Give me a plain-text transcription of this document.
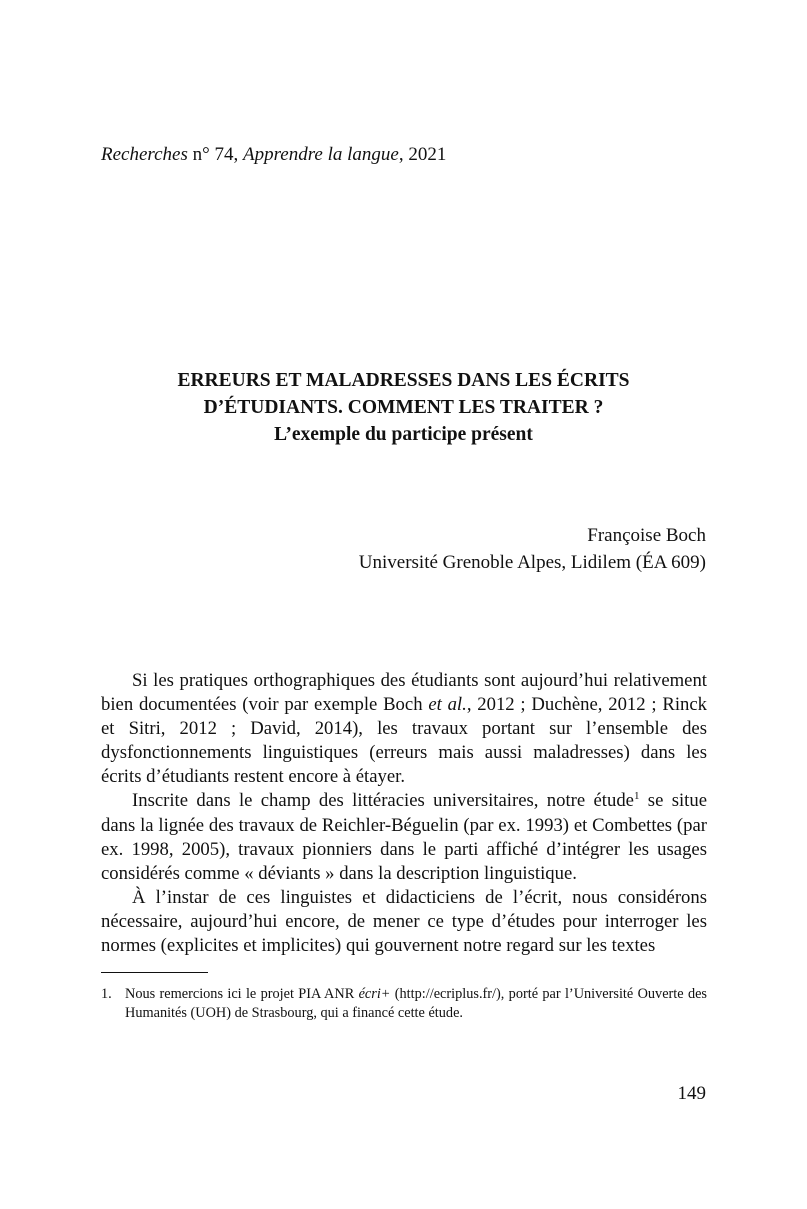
Recherches n° 74, Apprendre la langue, 2021
ERREURS ET MALADRESSES DANS LES ÉCRITS
D’ÉTUDIANTS. COMMENT LES TRAITER ?
L’exemple du participe présent
Françoise Boch
Université Grenoble Alpes, Lidilem (ÉA 609)

Si les pratiques orthographiques des étudiants sont aujourd’hui relativement bien documentées (voir par exemple Boch et al., 2012 ; Duchène, 2012 ; Rinck et Sitri, 2012 ; David, 2014), les travaux portant sur l’ensemble des dysfonctionnements linguistiques (erreurs mais aussi maladresses) dans les écrits d’étudiants restent encore à étayer.

Inscrite dans le champ des littéracies universitaires, notre étude$^1$ se situe dans la lignée des travaux de Reichler-Béguelin (par ex. 1993) et Combettes (par ex. 1998, 2005), travaux pionniers dans le parti affiché d’intégrer les usages considérés comme « déviants » dans la description linguistique.

À l’instar de ces linguistes et didacticiens de l’écrit, nous considérons nécessaire, aujourd’hui encore, de mener ce type d’études pour interroger les normes (explicites et implicites) qui gouvernent notre regard sur les textes

1. Nous remercions ici le projet PIA ANR écri+ (http://ecriplus.fr/), porté par l’Université Ouverte des Humanités (UOH) de Strasbourg, qui a financé cette étude.
149
